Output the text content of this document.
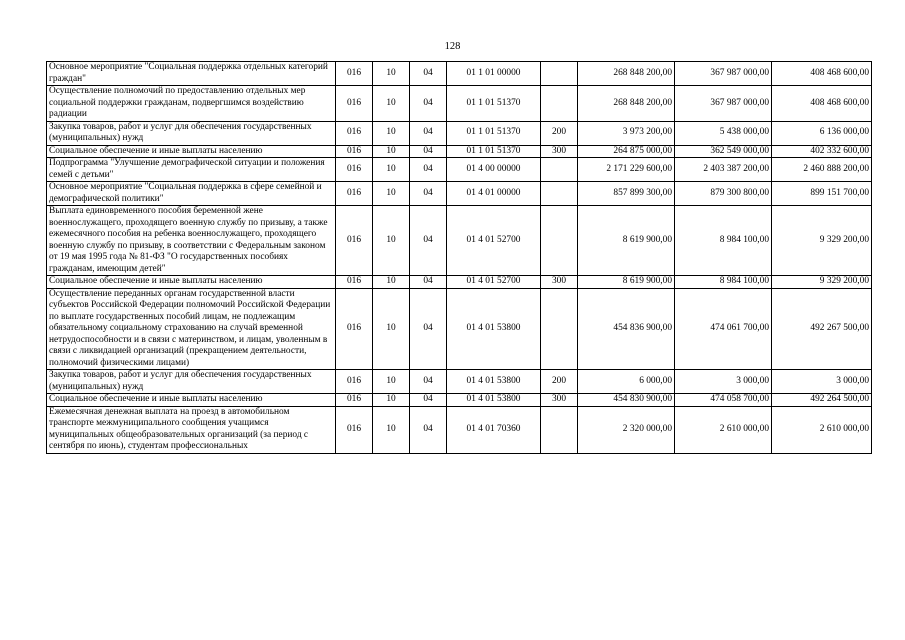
128
Основное мероприятие "Социальная поддержка отдельных категорий граждан"	016	10	04	01 1 01 00000		268 848 200,00	367 987 000,00	408 468 600,00
Осуществление полномочий по предоставлению отдельных мер социальной поддержки гражданам, подвергшимся воздействию радиации	016	10	04	01 1 01 51370		268 848 200,00	367 987 000,00	408 468 600,00
Закупка товаров, работ и услуг для обеспечения государственных (муниципальных) нужд	016	10	04	01 1 01 51370	200	3 973 200,00	5 438 000,00	6 136 000,00
Социальное обеспечение и иные выплаты населению	016	10	04	01 1 01 51370	300	264 875 000,00	362 549 000,00	402 332 600,00
Подпрограмма "Улучшение демографической ситуации и положения семей с детьми"	016	10	04	01 4 00 00000		2 171 229 600,00	2 403 387 200,00	2 460 888 200,00
Основное мероприятие "Социальная поддержка в сфере семейной и демографической политики"	016	10	04	01 4 01 00000		857 899 300,00	879 300 800,00	899 151 700,00
Выплата единовременного пособия беременной жене военнослужащего, проходящего военную службу по призыву, а также ежемесячного пособия на ребенка военнослужащего, проходящего военную службу по призыву, в соответствии с Федеральным законом от 19 мая 1995 года № 81-ФЗ "О государственных пособиях гражданам, имеющим детей"	016	10	04	01 4 01 52700		8 619 900,00	8 984 100,00	9 329 200,00
Социальное обеспечение и иные выплаты населению	016	10	04	01 4 01 52700	300	8 619 900,00	8 984 100,00	9 329 200,00
Осуществление переданных органам государственной власти субъектов Российской Федерации полномочий Российской Федерации по выплате государственных пособий лицам, не подлежащим обязательному социальному страхованию на случай временной нетрудоспособности и в связи с материнством, и лицам, уволенным в связи с ликвидацией организаций (прекращением деятельности, полномочий физическими лицами)	016	10	04	01 4 01 53800		454 836 900,00	474 061 700,00	492 267 500,00
Закупка товаров, работ и услуг для обеспечения государственных (муниципальных) нужд	016	10	04	01 4 01 53800	200	6 000,00	3 000,00	3 000,00
Социальное обеспечение и иные выплаты населению	016	10	04	01 4 01 53800	300	454 830 900,00	474 058 700,00	492 264 500,00
Ежемесячная денежная выплата на проезд в автомобильном транспорте межмуниципального сообщения учащимся муниципальных общеобразовательных организаций (за период с сентября по июнь), студентам профессиональных	016	10	04	01 4 01 70360		2 320 000,00	2 610 000,00	2 610 000,00
